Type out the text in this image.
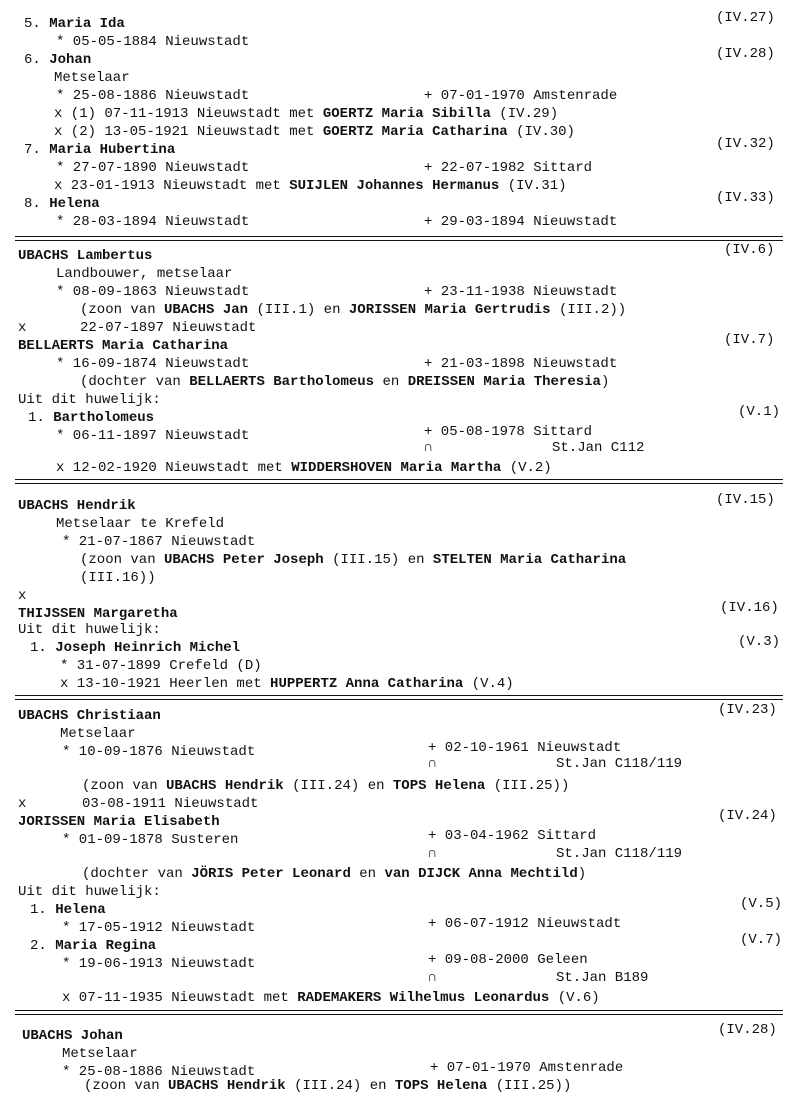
5. Maria Ida	(IV.27)
* 05-05-1884 Nieuwstadt
6. Johan	(IV.28)
Metselaar
* 25-08-1886 Nieuwstadt	+ 07-01-1970 Amstenrade
x (1) 07-11-1913 Nieuwstadt met GOERTZ Maria Sibilla (IV.29)
x (2) 13-05-1921 Nieuwstadt met GOERTZ Maria Catharina (IV.30)
7. Maria Hubertina	(IV.32)
* 27-07-1890 Nieuwstadt	+ 22-07-1982 Sittard
x 23-01-1913 Nieuwstadt met SUIJLEN Johannes Hermanus (IV.31)
8. Helena	(IV.33)
* 28-03-1894 Nieuwstadt	+ 29-03-1894 Nieuwstadt
UBACHS Lambertus	(IV.6)
Landbouwer, metselaar
* 08-09-1863 Nieuwstadt	+ 23-11-1938 Nieuwstadt
(zoon van UBACHS Jan (III.1) en JORISSEN Maria Gertrudis (III.2))
x	22-07-1897 Nieuwstadt
BELLAERTS Maria Catharina	(IV.7)
* 16-09-1874 Nieuwstadt	+ 21-03-1898 Nieuwstadt
(dochter van BELLAERTS Bartholomeus en DREISSEN Maria Theresia)
Uit dit huwelijk:
1. Bartholomeus	(V.1)
* 06-11-1897 Nieuwstadt	+ 05-08-1978 Sittard
∩	St.Jan C112
x 12-02-1920 Nieuwstadt met WIDDERSHOVEN Maria Martha (V.2)
UBACHS Hendrik	(IV.15)
Metselaar te Krefeld
* 21-07-1867 Nieuwstadt
(zoon van UBACHS Peter Joseph (III.15) en STELTEN Maria Catharina
(III.16))
x
THIJSSEN Margaretha	(IV.16)
Uit dit huwelijk:
1. Joseph Heinrich Michel	(V.3)
* 31-07-1899 Crefeld (D)
x 13-10-1921 Heerlen met HUPPERTZ Anna Catharina (V.4)
UBACHS Christiaan	(IV.23)
Metselaar
* 10-09-1876 Nieuwstadt	+ 02-10-1961 Nieuwstadt
∩	St.Jan C118/119
(zoon van UBACHS Hendrik (III.24) en TOPS Helena (III.25))
x	03-08-1911 Nieuwstadt
JORISSEN Maria Elisabeth	(IV.24)
* 01-09-1878 Susteren	+ 03-04-1962 Sittard
∩	St.Jan C118/119
(dochter van JÖRIS Peter Leonard en van DIJCK Anna Mechtild)
Uit dit huwelijk:
1. Helena	(V.5)
* 17-05-1912 Nieuwstadt	+ 06-07-1912 Nieuwstadt
2. Maria Regina	(V.7)
* 19-06-1913 Nieuwstadt	+ 09-08-2000 Geleen
∩	St.Jan B189
x 07-11-1935 Nieuwstadt met RADEMAKERS Wilhelmus Leonardus (V.6)
UBACHS Johan	(IV.28)
Metselaar
* 25-08-1886 Nieuwstadt	+ 07-01-1970 Amstenrade
(zoon van UBACHS Hendrik (III.24) en TOPS Helena (III.25))
